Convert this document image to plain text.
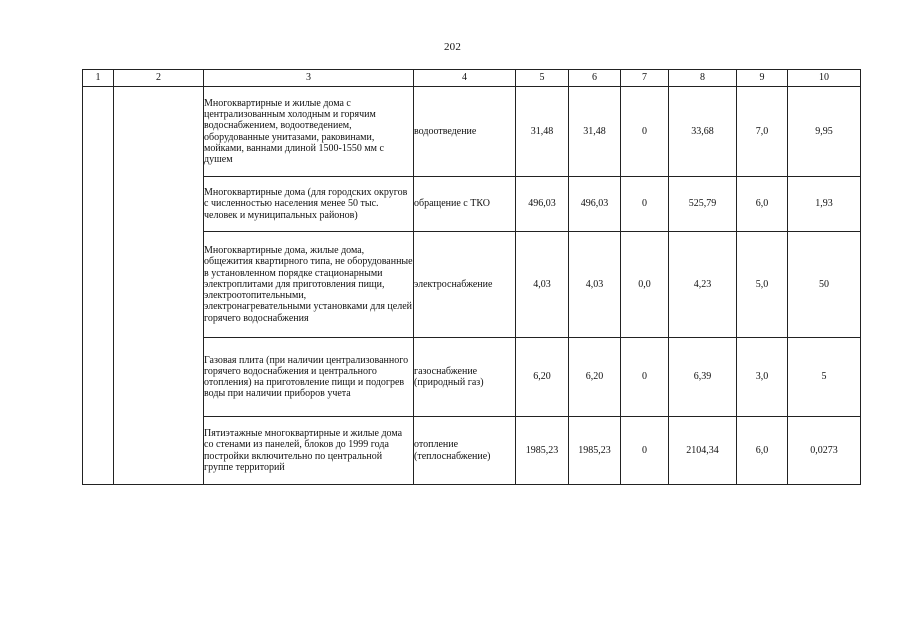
202
1	2	3	4	5	6	7	8	9	10
		Многоквартирные и жилые дома с централизованным холодным и горячим водоснабжением, водоотведением, оборудованные унитазами, раковинами, мойками, ваннами длиной 1500-1550 мм с душем	водоотведение	31,48	31,48	0	33,68	7,0	9,95
		Многоквартирные дома (для городских округов с численностью населения менее 50 тыс. человек и муниципальных районов)	обращение с ТКО	496,03	496,03	0	525,79	6,0	1,93
		Многоквартирные дома, жилые дома, общежития квартирного типа, не оборудованные в установленном порядке стационарными электроплитами для приготовления пищи, электроотопительными, электронагревательными установками для целей горячего водоснабжения	электроснабжение	4,03	4,03	0,0	4,23	5,0	50
		Газовая плита (при наличии централизованного горячего водоснабжения и центрального отопления) на приготовление пищи и подогрев воды при наличии приборов учета	газоснабжение (природный газ)	6,20	6,20	0	6,39	3,0	5
		Пятиэтажные многоквартирные и жилые дома со стенами из панелей, блоков до 1999 года постройки включительно по центральной группе территорий	отопление (теплоснабжение)	1985,23	1985,23	0	2104,34	6,0	0,0273
